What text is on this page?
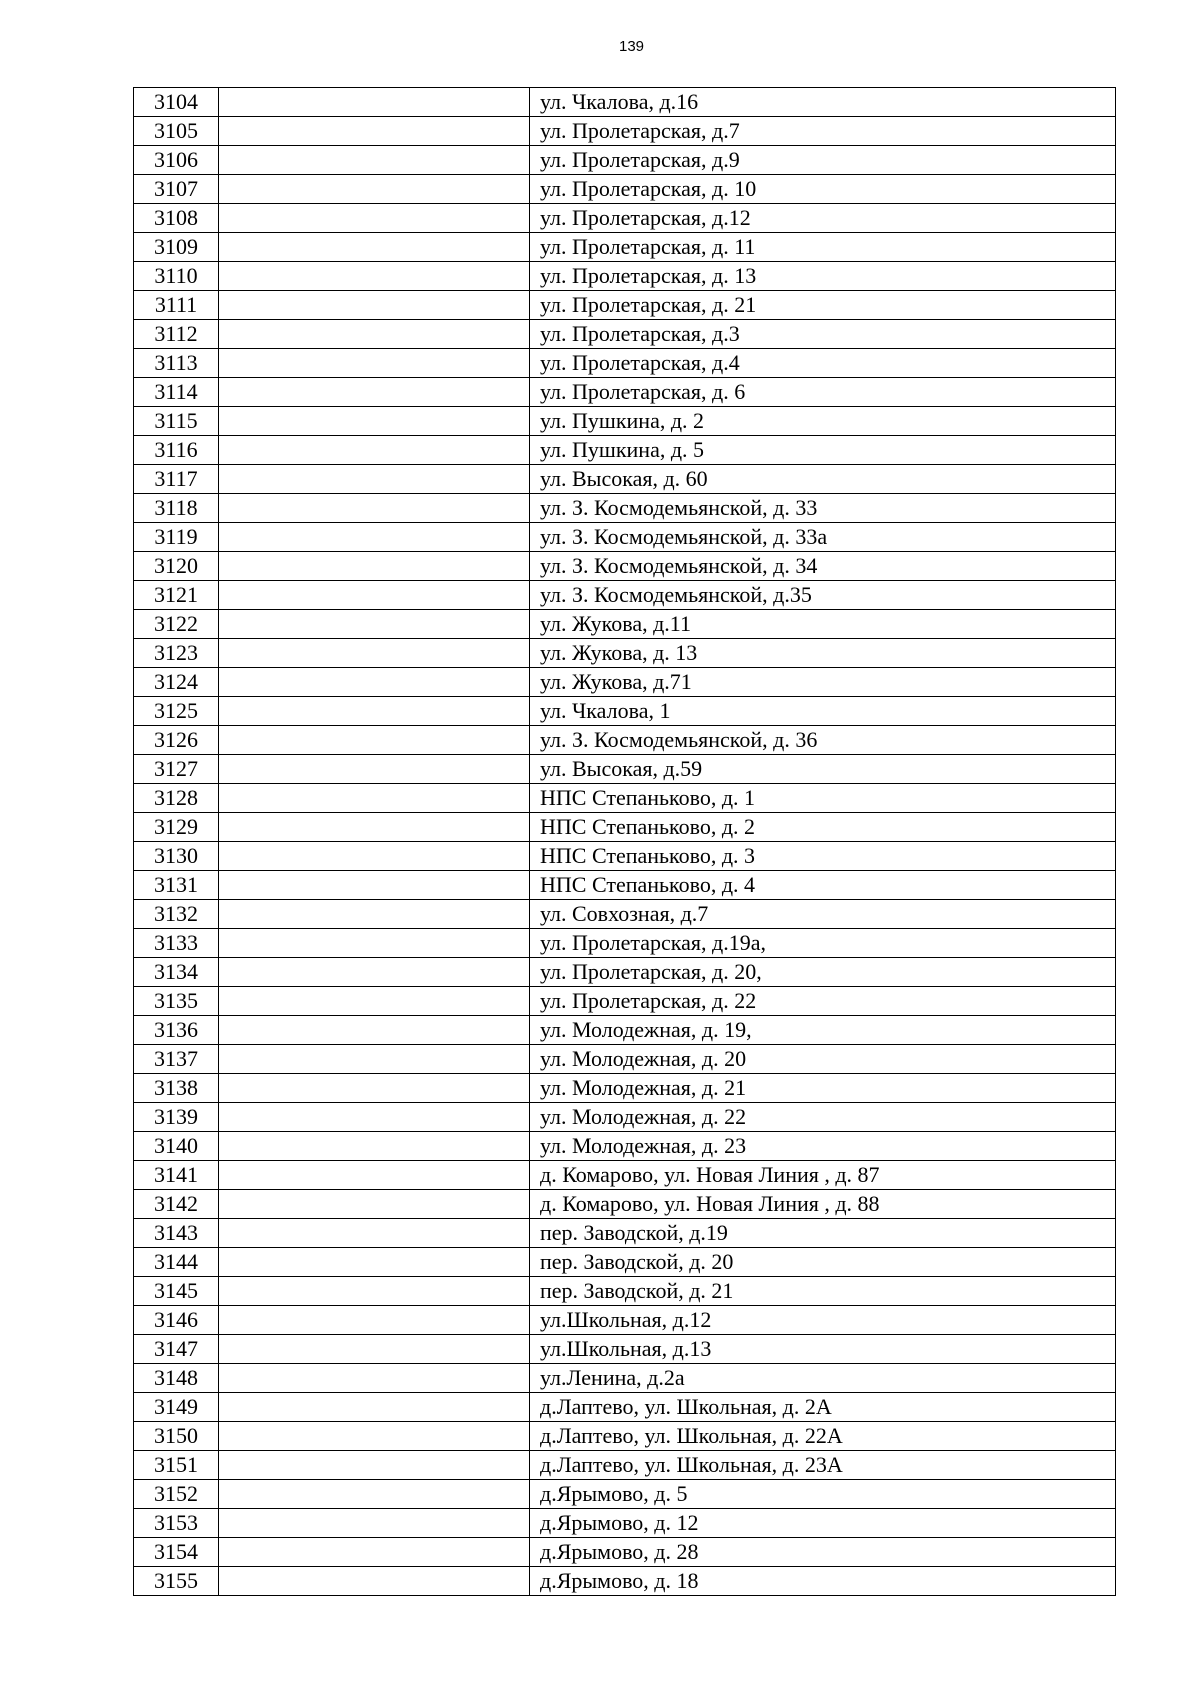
139
3104		ул. Чкалова, д.16
3105		ул. Пролетарская, д.7
3106		ул. Пролетарская, д.9
3107		ул. Пролетарская, д. 10
3108		ул. Пролетарская, д.12
3109		ул. Пролетарская, д. 11
3110		ул. Пролетарская, д. 13
3111		ул. Пролетарская, д. 21
3112		ул. Пролетарская, д.3
3113		ул. Пролетарская, д.4
3114		ул. Пролетарская, д. 6
3115		ул. Пушкина, д. 2
3116		ул. Пушкина, д. 5
3117		ул. Высокая, д. 60
3118		ул. З. Космодемьянской, д. 33
3119		ул. З. Космодемьянской, д. 33а
3120		ул. З. Космодемьянской, д. 34
3121		ул. З. Космодемьянской, д.35
3122		ул. Жукова, д.11
3123		ул. Жукова, д. 13
3124		ул. Жукова, д.71
3125		ул. Чкалова, 1
3126		ул. З. Космодемьянской, д. 36
3127		ул. Высокая, д.59
3128		НПС Степаньково, д. 1
3129		НПС Степаньково, д. 2
3130		НПС Степаньково, д. 3
3131		НПС Степаньково, д. 4
3132		ул. Совхозная, д.7
3133		ул. Пролетарская, д.19а,
3134		ул. Пролетарская, д. 20,
3135		ул. Пролетарская, д. 22
3136		ул. Молодежная, д. 19,
3137		ул. Молодежная, д. 20
3138		ул. Молодежная, д. 21
3139		ул. Молодежная, д. 22
3140		ул. Молодежная, д. 23
3141		д. Комарово, ул. Новая Линия , д. 87
3142		д. Комарово, ул. Новая Линия , д. 88
3143		пер. Заводской, д.19
3144		пер. Заводской, д. 20
3145		пер. Заводской, д. 21
3146		ул.Школьная, д.12
3147		ул.Школьная, д.13
3148		ул.Ленина, д.2а
3149		д.Лаптево, ул. Школьная, д. 2А
3150		д.Лаптево, ул. Школьная, д. 22А
3151		д.Лаптево, ул. Школьная, д. 23А
3152		д.Ярымово, д. 5
3153		д.Ярымово, д. 12
3154		д.Ярымово, д. 28
3155		д.Ярымово, д. 18
